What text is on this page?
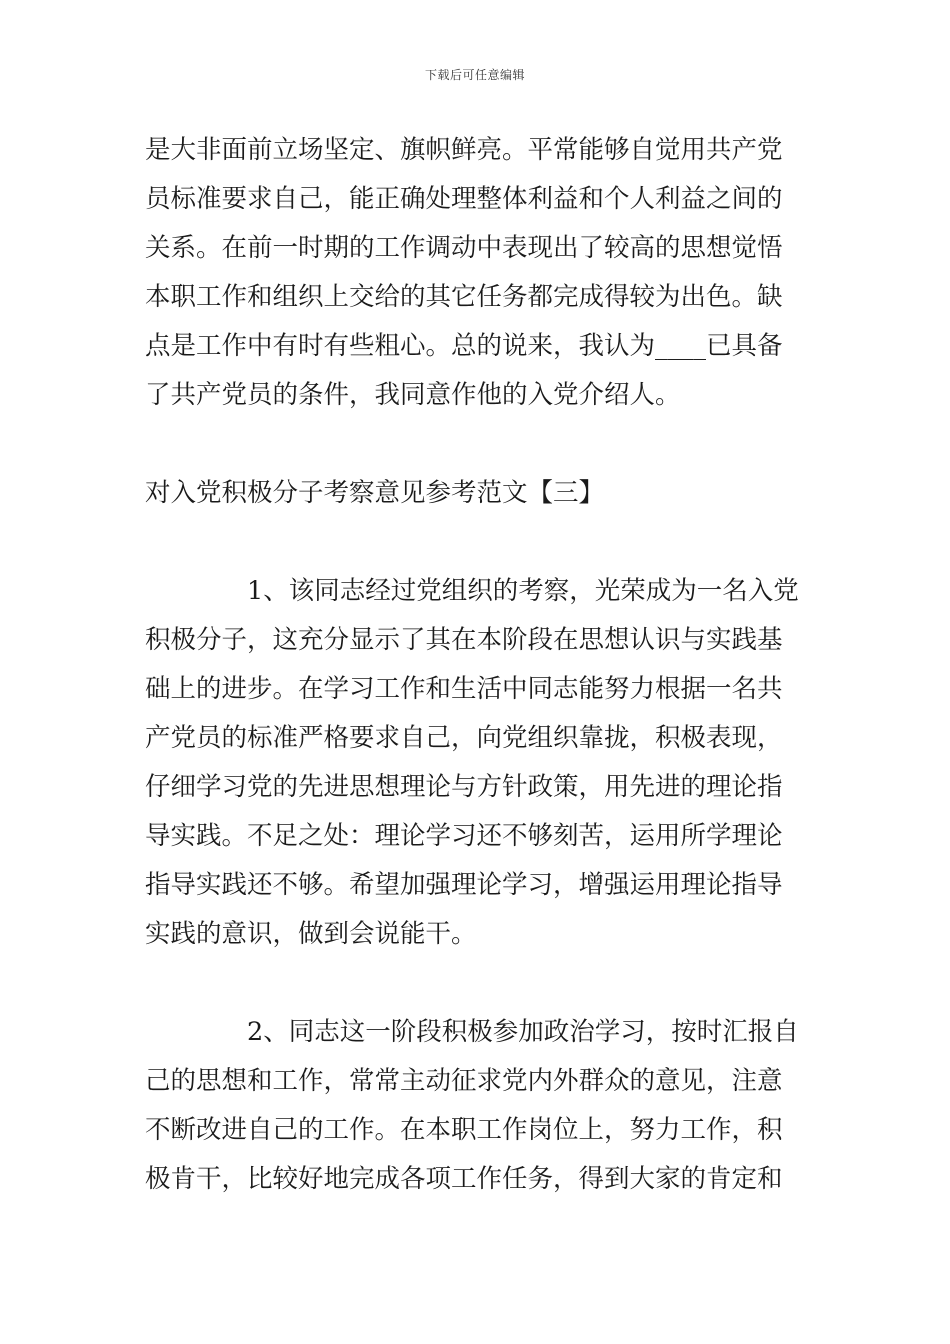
下载后可任意编辑
是大非面前立场坚定、旗帜鲜亮。平常能够自觉用共产党
员标准要求自己，能正确处理整体利益和个人利益之间的
关系。在前一时期的工作调动中表现出了较高的思想觉悟
本职工作和组织上交给的其它任务都完成得较为出色。缺
点是工作中有时有些粗心。总的说来，我认为____已具备
了共产党员的条件，我同意作他的入党介绍人。
对入党积极分子考察意见参考范文【三】
1、该同志经过党组织的考察，光荣成为一名入党
积极分子，这充分显示了其在本阶段在思想认识与实践基
础上的进步。在学习工作和生活中同志能努力根据一名共
产党员的标准严格要求自己，向党组织靠拢，积极表现，
仔细学习党的先进思想理论与方针政策，用先进的理论指
导实践。不足之处：理论学习还不够刻苦，运用所学理论
指导实践还不够。希望加强理论学习，增强运用理论指导
实践的意识，做到会说能干。
2、同志这一阶段积极参加政治学习，按时汇报自
己的思想和工作，常常主动征求党内外群众的意见，注意
不断改进自己的工作。在本职工作岗位上，努力工作，积
极肯干，比较好地完成各项工作任务，得到大家的肯定和
